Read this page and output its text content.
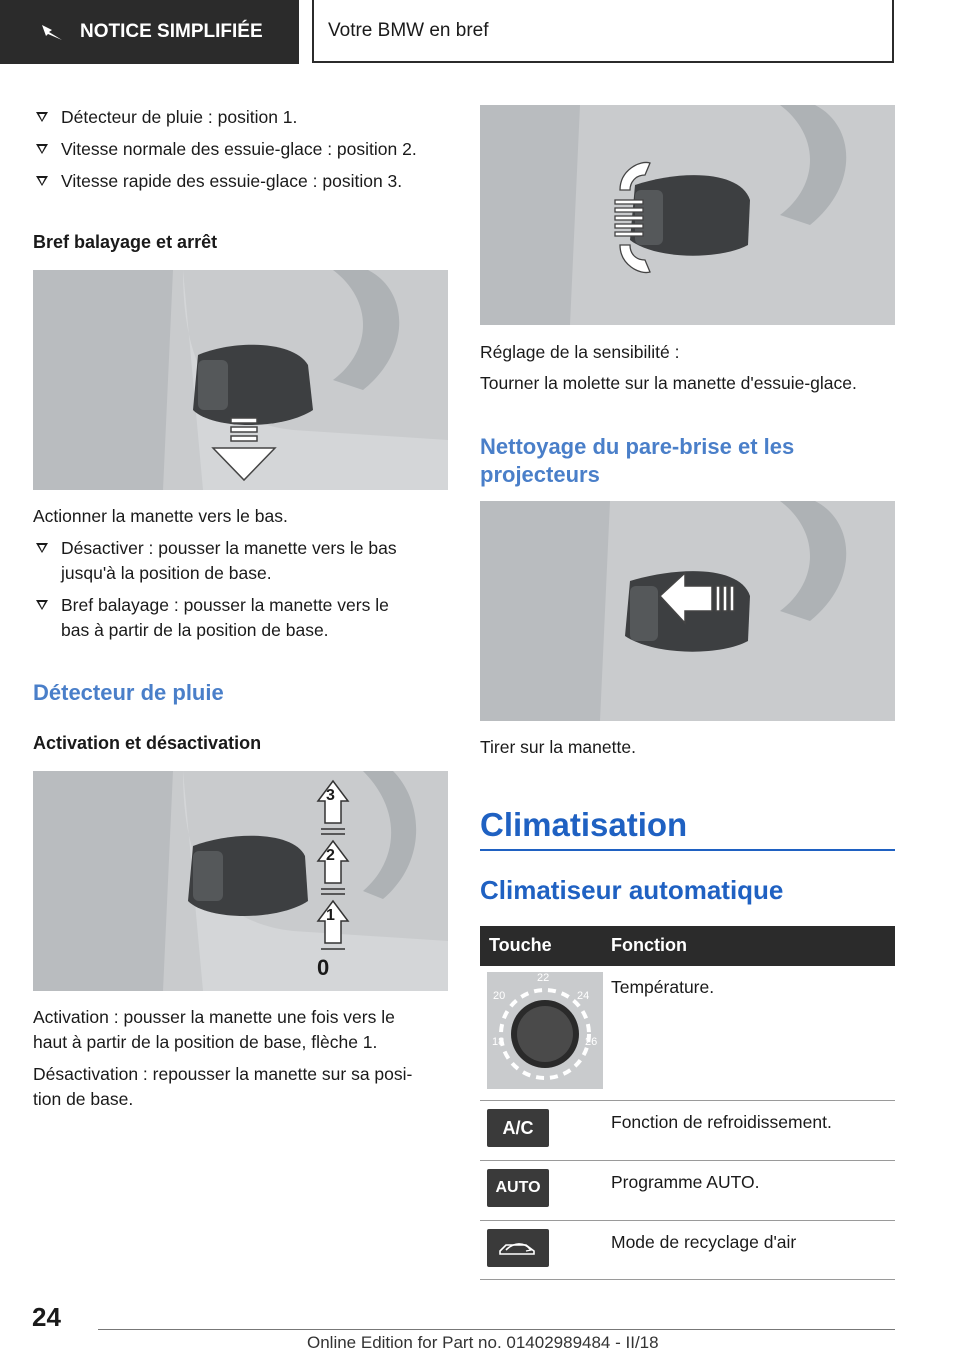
NOTICE SIMPLIFIÉE	Votre BMW en bref
Détecteur de pluie : position 1.
Vitesse normale des essuie-glace : position 2.
Vitesse rapide des essuie-glace : position 3.
Bref balayage et arrêt
Actionner la manette vers le bas.
Désactiver : pousser la manette vers le bas
jusqu'à la position de base.
Bref balayage : pousser la manette vers le
bas à partir de la position de base.
Détecteur de pluie
Activation et désactivation
3
2
1
0
Activation : pousser la manette une fois vers le
haut à partir de la position de base, flèche 1.
Désactivation : repousser la manette sur sa posi-
tion de base.
Réglage de la sensibilité :
Tourner la molette sur la manette d'essuie-glace.
Nettoyage du pare-brise et les
projecteurs
Tirer sur la manette.
Climatisation
Climatiseur automatique
Touche	Fonction
18
20
22
24
26
Température.
A/C	Fonction de refroidissement.
AUTO	Programme AUTO.
Mode de recyclage d'air
24
Online Edition for Part no. 01402989484 - II/18
